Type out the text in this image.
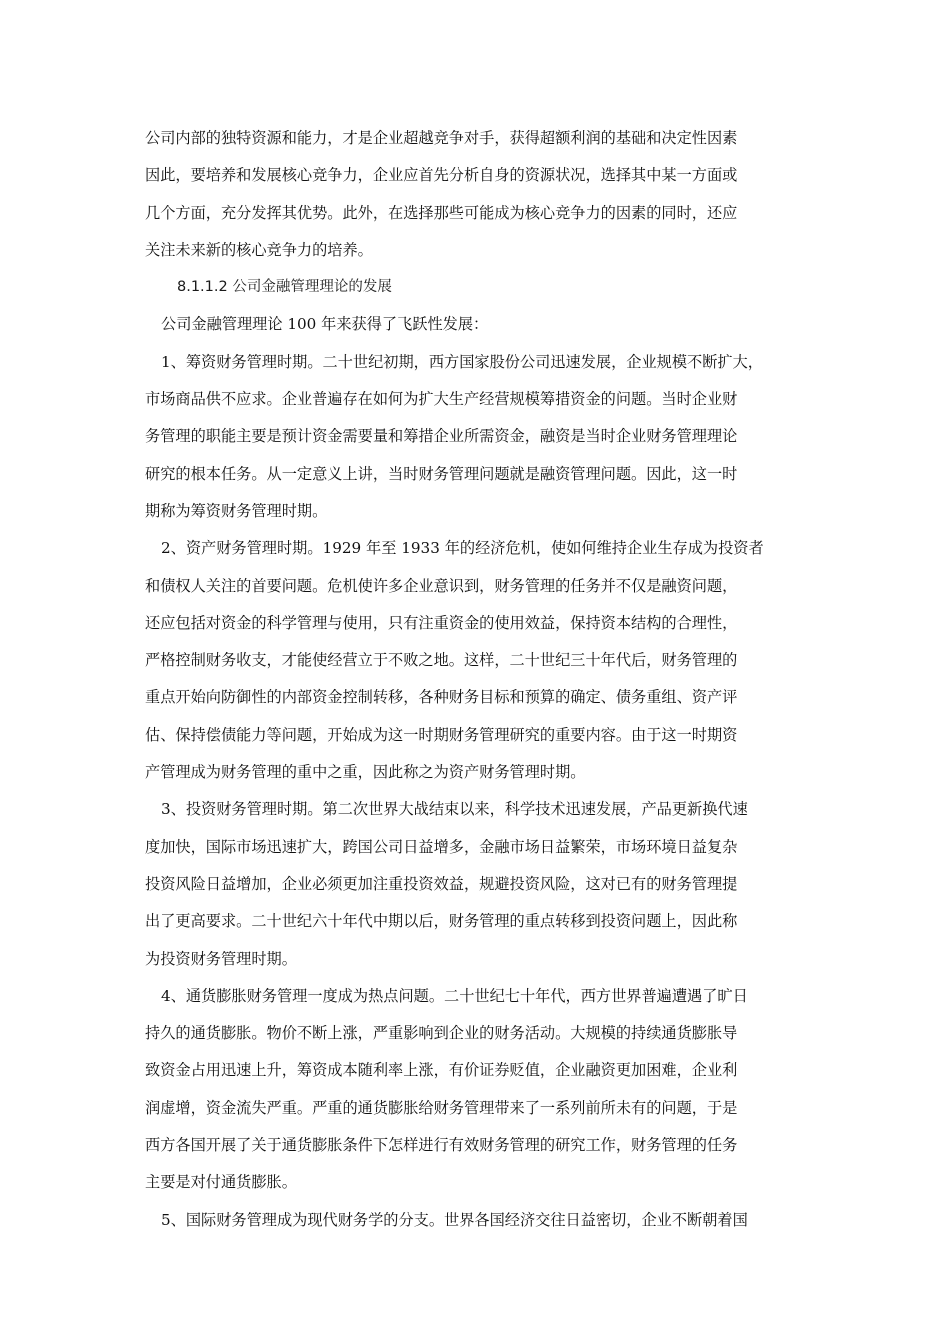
公司内部的独特资源和能力，才是企业超越竞争对手，获得超额利润的基础和决定性因素
因此，要培养和发展核心竞争力，企业应首先分析自身的资源状况，选择其中某一方面或
几个方面，充分发挥其优势。此外，在选择那些可能成为核心竞争力的因素的同时，还应
关注未来新的核心竞争力的培养。
8.1.1.2 公司金融管理理论的发展
公司金融管理理论 100 年来获得了飞跃性发展：
1、筹资财务管理时期。二十世纪初期，西方国家股份公司迅速发展，企业规模不断扩大，
市场商品供不应求。企业普遍存在如何为扩大生产经营规模筹措资金的问题。当时企业财
务管理的职能主要是预计资金需要量和筹措企业所需资金，融资是当时企业财务管理理论
研究的根本任务。从一定意义上讲，当时财务管理问题就是融资管理问题。因此，这一时
期称为筹资财务管理时期。
2、资产财务管理时期。1929 年至 1933 年的经济危机，使如何维持企业生存成为投资者
和债权人关注的首要问题。危机使许多企业意识到，财务管理的任务并不仅是融资问题，
还应包括对资金的科学管理与使用，只有注重资金的使用效益，保持资本结构的合理性，
严格控制财务收支，才能使经营立于不败之地。这样，二十世纪三十年代后，财务管理的
重点开始向防御性的内部资金控制转移，各种财务目标和预算的确定、债务重组、资产评
估、保持偿债能力等问题，开始成为这一时期财务管理研究的重要内容。由于这一时期资
产管理成为财务管理的重中之重，因此称之为资产财务管理时期。
3、投资财务管理时期。第二次世界大战结束以来，科学技术迅速发展，产品更新换代速
度加快，国际市场迅速扩大，跨国公司日益增多，金融市场日益繁荣，市场环境日益复杂
投资风险日益增加，企业必须更加注重投资效益，规避投资风险，这对已有的财务管理提
出了更高要求。二十世纪六十年代中期以后，财务管理的重点转移到投资问题上，因此称
为投资财务管理时期。
4、通货膨胀财务管理一度成为热点问题。二十世纪七十年代，西方世界普遍遭遇了旷日
持久的通货膨胀。物价不断上涨，严重影响到企业的财务活动。大规模的持续通货膨胀导
致资金占用迅速上升，筹资成本随利率上涨，有价证券贬值，企业融资更加困难，企业利
润虚增，资金流失严重。严重的通货膨胀给财务管理带来了一系列前所未有的问题，于是
西方各国开展了关于通货膨胀条件下怎样进行有效财务管理的研究工作，财务管理的任务
主要是对付通货膨胀。
5、国际财务管理成为现代财务学的分支。世界各国经济交往日益密切，企业不断朝着国
